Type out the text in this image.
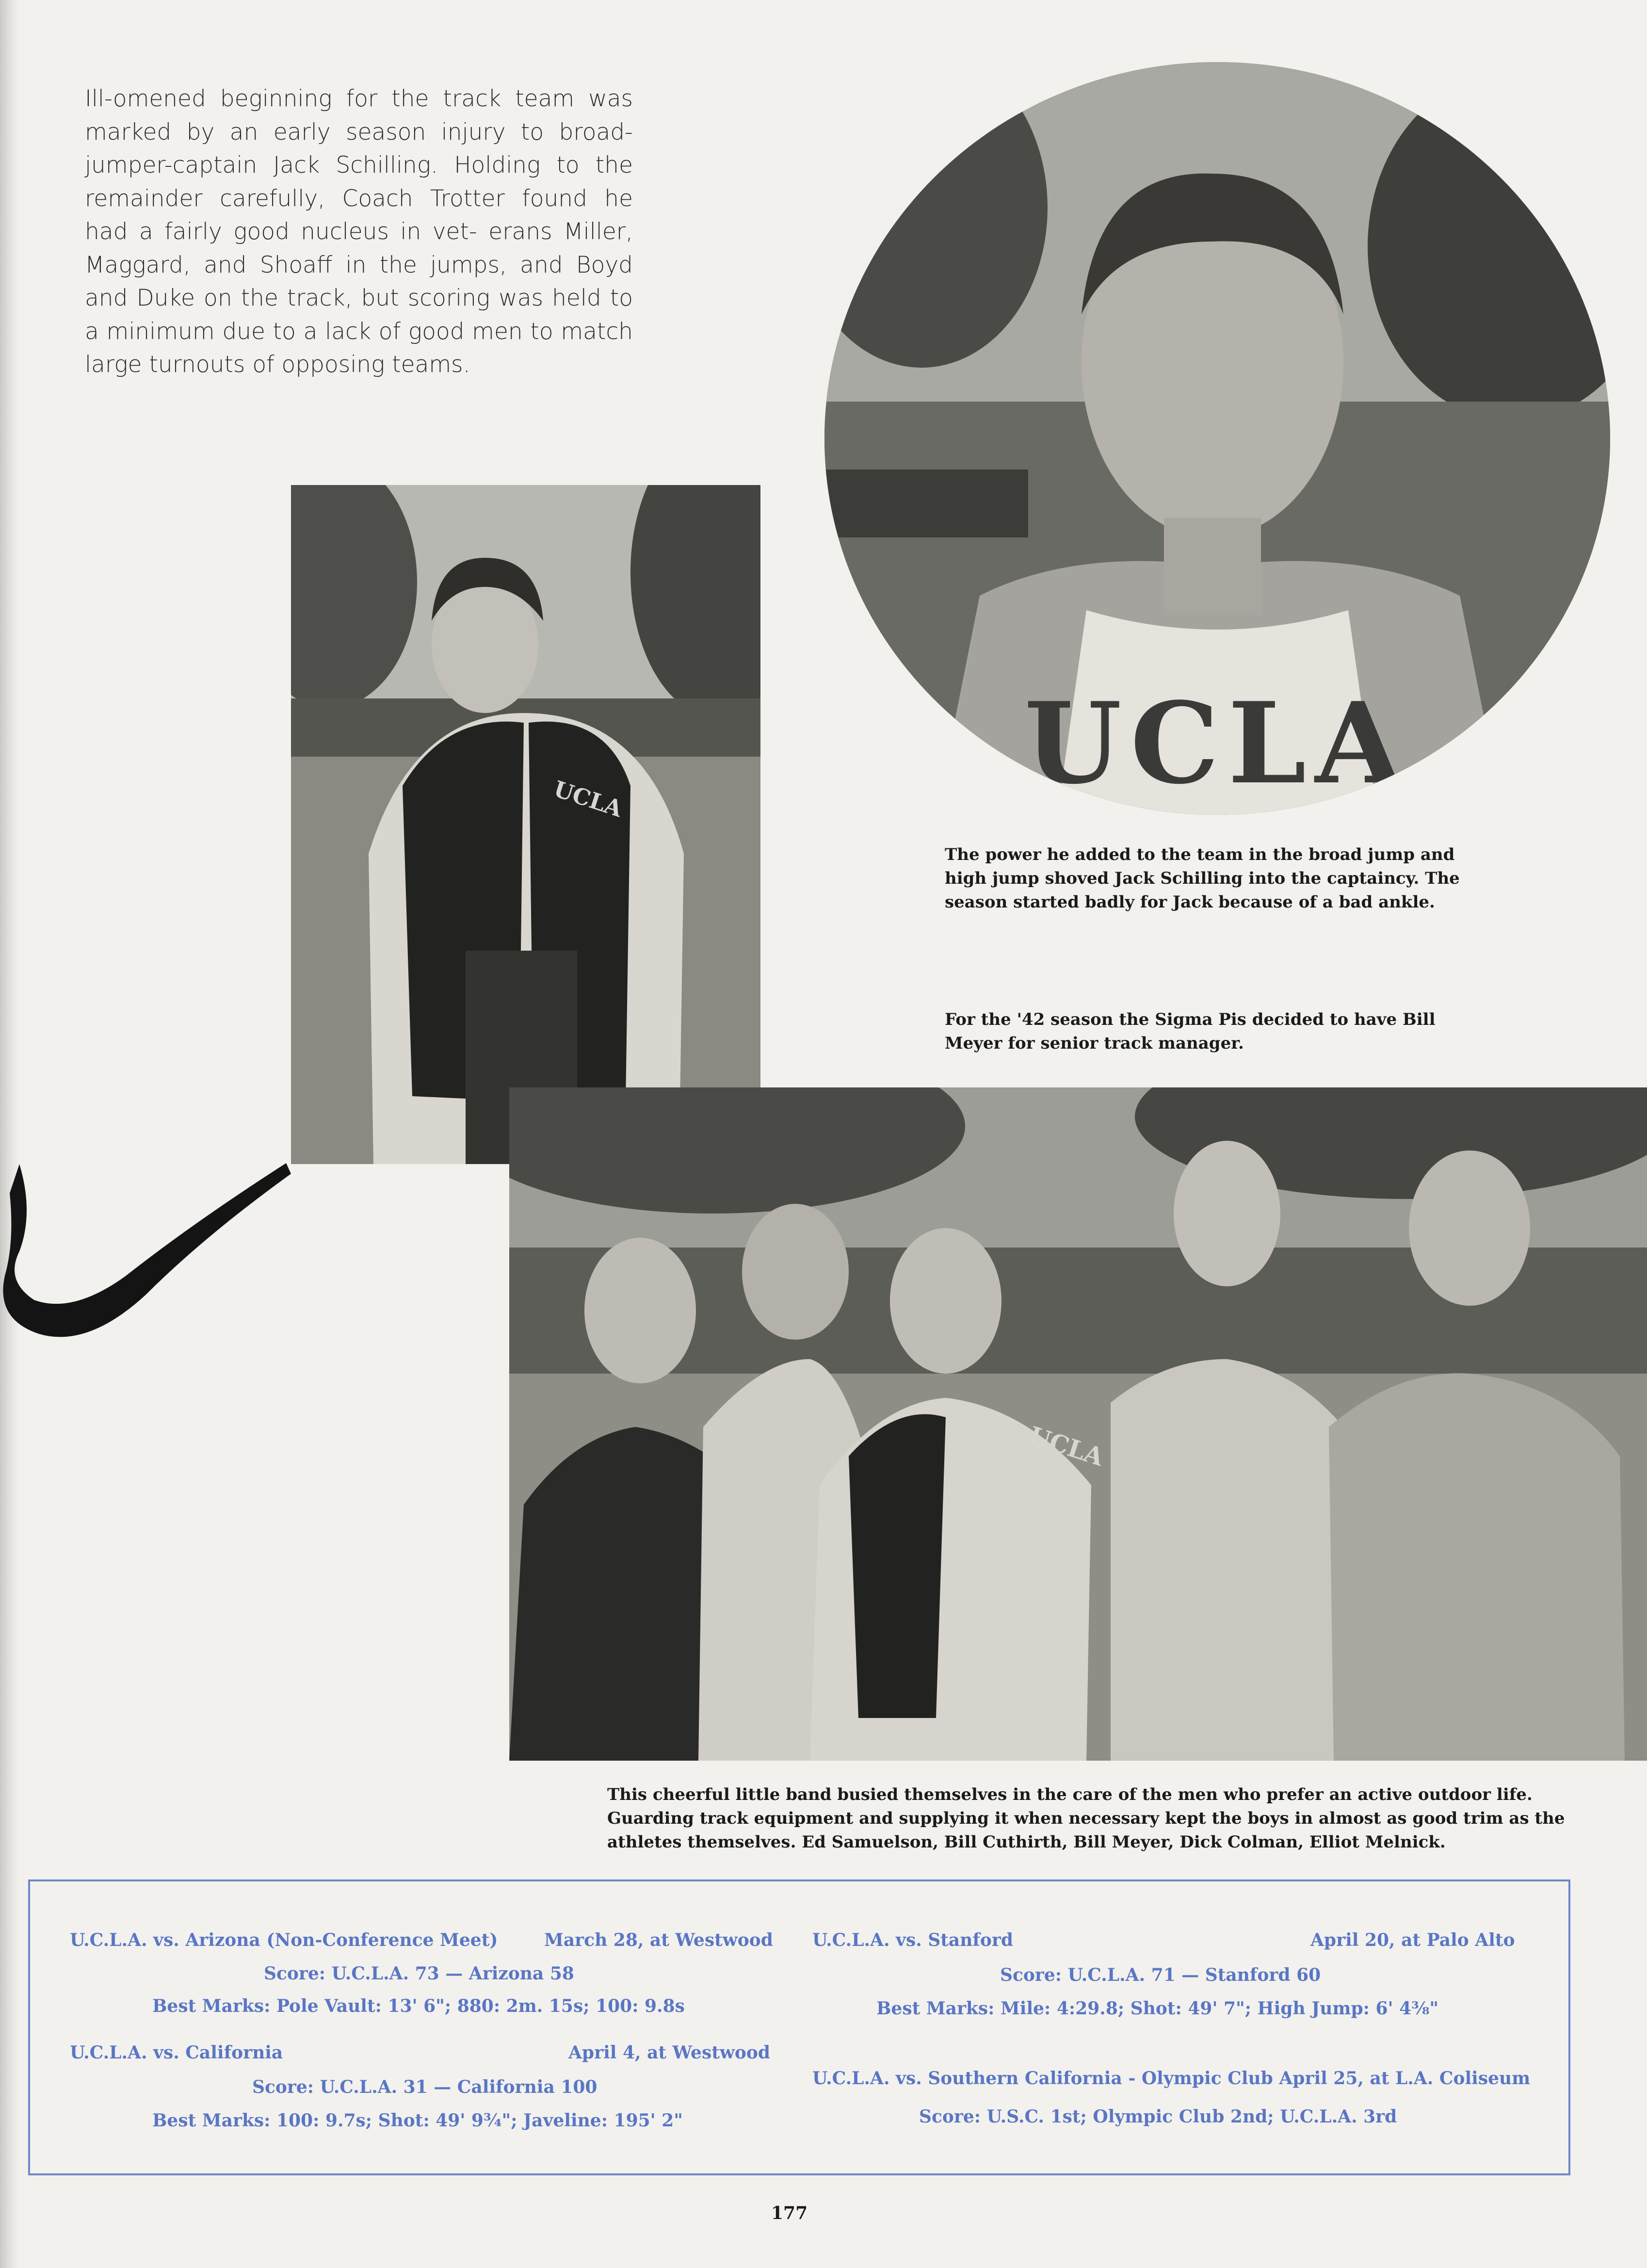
Ill-omened beginning for the track team was marked by an early season injury to broad-jumper-captain Jack Schilling. Holding to the remainder carefully, Coach Trotter found he had a fairly good nucleus in vet- erans Miller, Maggard, and Shoaff in the jumps, and Boyd and Duke on the track, but scoring was held to a minimum due to a lack of good men to match large turnouts of opposing teams.

UCLA
UCLA
UCLA

The power he added to the team in the broad jump and high jump shoved Jack Schilling into the captaincy. The season started badly for Jack because of a bad ankle.

For the '42 season the Sigma Pis decided to have Bill Meyer for senior track manager.

This cheerful little band busied themselves in the care of the men who prefer an active outdoor life. Guarding track equipment and supplying it when necessary kept the boys in almost as good trim as the athletes themselves. Ed Samuelson, Bill Cuthirth, Bill Meyer, Dick Colman, Elliot Melnick.

U.C.L.A. vs. Arizona (Non-Conference Meet)	March 28, at Westwood
Score: U.C.L.A. 73 — Arizona 58
Best Marks: Pole Vault: 13' 6"; 880: 2m. 15s; 100: 9.8s
U.C.L.A. vs. California	April 4, at Westwood
Score: U.C.L.A. 31 — California 100
Best Marks: 100: 9.7s; Shot: 49' 9¾"; Javeline: 195' 2"
U.C.L.A. vs. Stanford	April 20, at Palo Alto
Score: U.C.L.A. 71 — Stanford 60
Best Marks: Mile: 4:29.8; Shot: 49' 7"; High Jump: 6' 4⅜"
U.C.L.A. vs. Southern California - Olympic Club April 25, at L.A. Coliseum
Score: U.S.C. 1st; Olympic Club 2nd; U.C.L.A. 3rd
177
